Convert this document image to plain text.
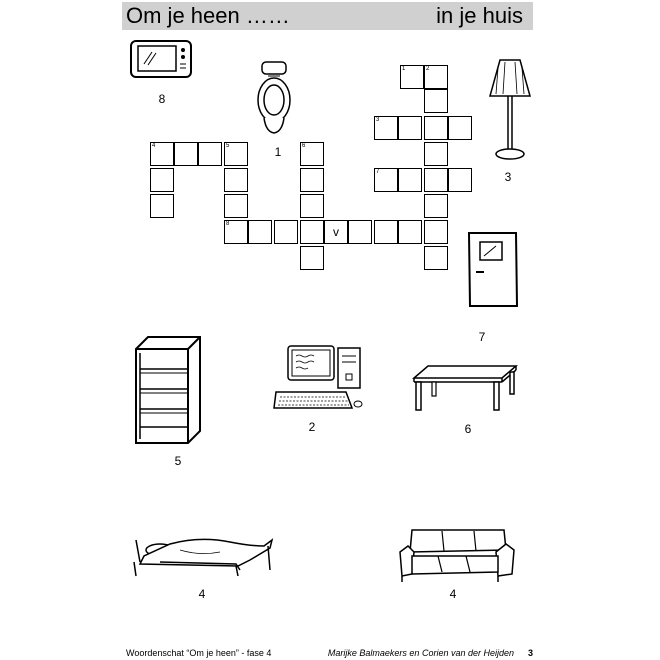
Om je heen ……	in je huis
1	2
3
7
4	5	6
8
v
8
1
3
7
5
2	6
4	4
Woordenschat “Om je heen” - fase 4	Marijke Balmaekers en Corien van der Heijden 3
